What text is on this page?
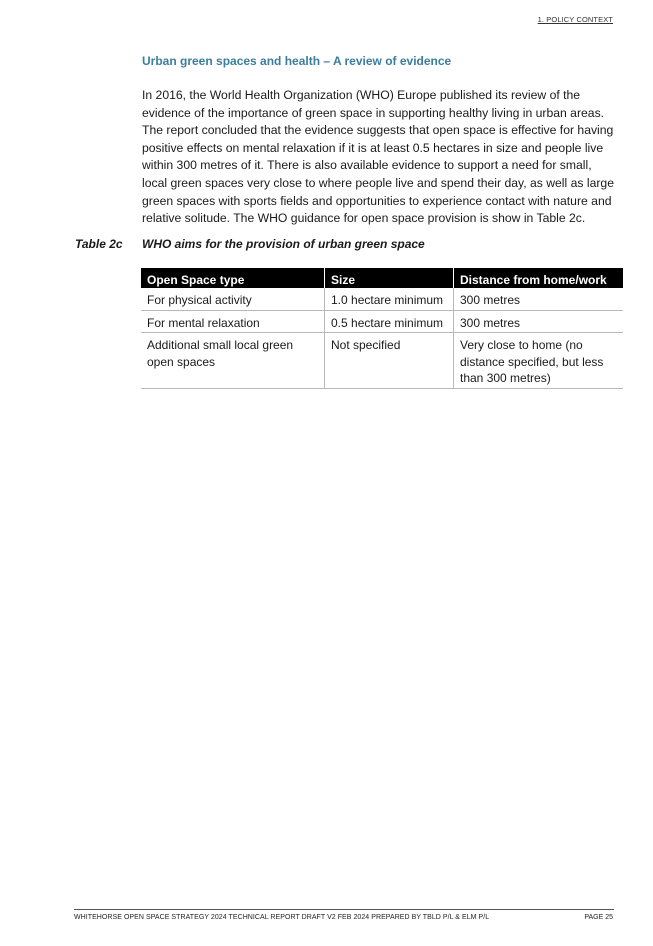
1. POLICY CONTEXT
Urban green spaces and health – A review of evidence

In 2016, the World Health Organization (WHO) Europe published its review of the evidence of the importance of green space in supporting healthy living in urban areas. The report concluded that the evidence suggests that open space is effective for having positive effects on mental relaxation if it is at least 0.5 hectares in size and people live within 300 metres of it. There is also available evidence to support a need for small, local green spaces very close to where people live and spend their day, as well as large green spaces with sports fields and opportunities to experience contact with nature and relative solitude. The WHO guidance for open space provision is show in Table 2c.

Table 2c WHO aims for the provision of urban green space
Open Space type	Size	Distance from home/work
For physical activity	1.0 hectare minimum	300 metres
For mental relaxation	0.5 hectare minimum	300 metres
Additional small local green open spaces	Not specified	Very close to home (no distance specified, but less than 300 metres)
WHITEHORSE OPEN SPACE STRATEGY 2024 TECHNICAL REPORT DRAFT V2 FEB 2024 PREPARED BY TBLD P/L & ELM P/L	PAGE 25
